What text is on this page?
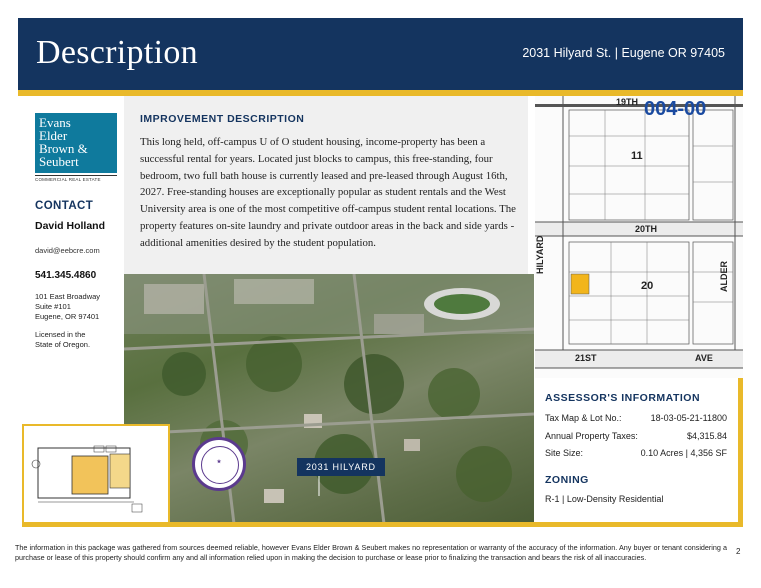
Description	2031 Hilyard St. | Eugene OR 97405
Evans
Elder
Brown &
Seubert
COMMERCIAL REAL ESTATE
CONTACT
David Holland
david@eebcre.com
541.345.4860
101 East Broadway
Suite #101
Eugene, OR 97401
Licensed in the
State of Oregon.
IMPROVEMENT DESCRIPTION
This long held, off-campus U of O student housing, income-property has been a successful rental for years. Located just blocks to campus, this free-standing, four bedroom, two full bath house is currently leased and pre-leased through August 16th, 2027. Free-standing houses are exceptionally popular as student rentals and the West University area is one of the most competitive off-campus student rental locations. The property features on-site laundry and private outdoor areas in the back and side yards - additional amenities desired by the student population.
2031 HILYARD
★
19TH 004-00
11
20
20TH
21ST	AVE
HILYARD
ALDER
ASSESSOR'S INFORMATION
Tax Map & Lot No.:	18-03-05-21-11800
Annual Property Taxes:	$4,315.84
Site Size:	0.10 Acres | 4,356 SF
ZONING
R-1 | Low-Density Residential
The information in this package was gathered from sources deemed reliable, however Evans Elder Brown & Seubert makes no representation or warranty of the accuracy of the information. Any buyer or tenant considering a purchase or lease of this property should confirm any and all information relied upon in making the decision to purchase or lease prior to finalizing the transaction and bears the risk of all inaccuracies.
2
